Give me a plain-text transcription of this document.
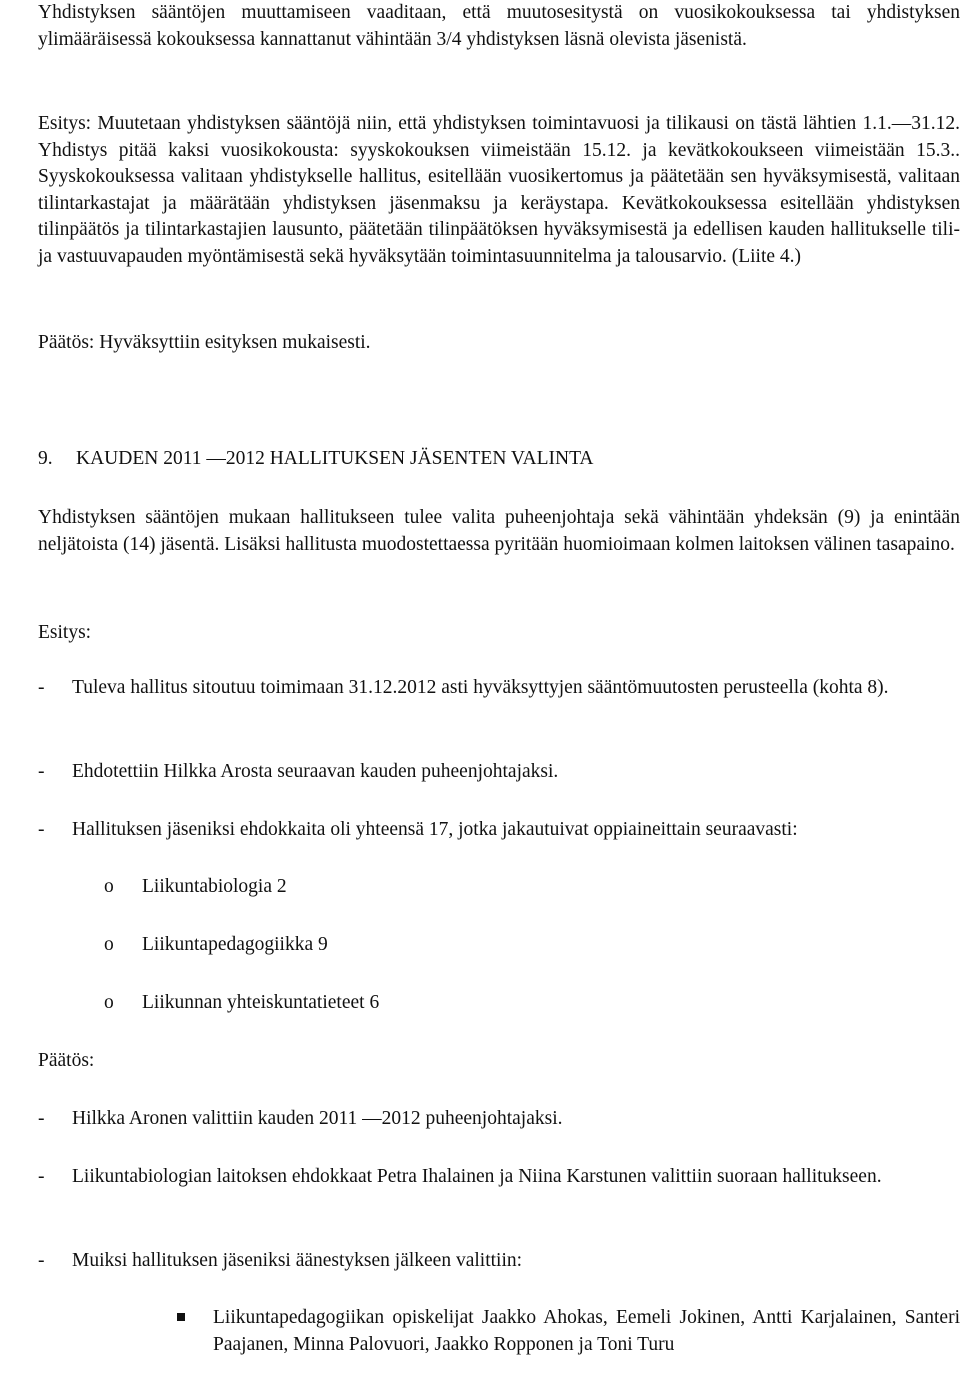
Yhdistyksen sääntöjen muuttamiseen vaaditaan, että muutosesitystä on vuosikokouksessa tai yhdistyksen ylimääräisessä kokouksessa kannattanut vähintään 3/4 yhdistyksen läsnä olevista jäsenistä.

Esitys: Muutetaan yhdistyksen sääntöjä niin, että yhdistyksen toimintavuosi ja tilikausi on tästä lähtien 1.1.—31.12. Yhdistys pitää kaksi vuosikokousta: syyskokouksen viimeistään 15.12. ja kevätkokoukseen viimeistään 15.3.. Syyskokouksessa valitaan yhdistykselle hallitus, esitellään vuosikertomus ja päätetään sen hyväksymisestä, valitaan tilintarkastajat ja määrätään yhdistyksen jäsenmaksu ja keräystapa. Kevätkokouksessa esitellään yhdistyksen tilinpäätös ja tilintarkastajien lausunto, päätetään tilinpäätöksen hyväksymisestä ja edellisen kauden hallitukselle tili- ja vastuuvapauden myöntämisestä sekä hyväksytään toimintasuunnitelma ja talousarvio. (Liite 4.)

Päätös: Hyväksyttiin esityksen mukaisesti.

9. KAUDEN 2011 —2012 HALLITUKSEN JÄSENTEN VALINTA

Yhdistyksen sääntöjen mukaan hallitukseen tulee valita puheenjohtaja sekä vähintään yhdeksän (9) ja enintään neljätoista (14) jäsentä. Lisäksi hallitusta muodostettaessa pyritään huomioimaan kolmen laitoksen välinen tasapaino.

Esitys:

- Tuleva hallitus sitoutuu toimimaan 31.12.2012 asti hyväksyttyjen sääntömuutosten perusteella (kohta 8).
- Ehdotettiin Hilkka Arosta seuraavan kauden puheenjohtajaksi.
- Hallituksen jäseniksi ehdokkaita oli yhteensä 17, jotka jakautuivat oppiaineittain seuraavasti:
o Liikuntabiologia 2
o Liikuntapedagogiikka 9
o Liikunnan yhteiskuntatieteet 6

Päätös:

- Hilkka Aronen valittiin kauden 2011 —2012 puheenjohtajaksi.
- Liikuntabiologian laitoksen ehdokkaat Petra Ihalainen ja Niina Karstunen valittiin suoraan hallitukseen.
- Muiksi hallituksen jäseniksi äänestyksen jälkeen valittiin:
Liikuntapedagogiikan opiskelijat Jaakko Ahokas, Eemeli Jokinen, Antti Karjalainen, Santeri Paajanen, Minna Palovuori, Jaakko Ropponen ja Toni Turu
